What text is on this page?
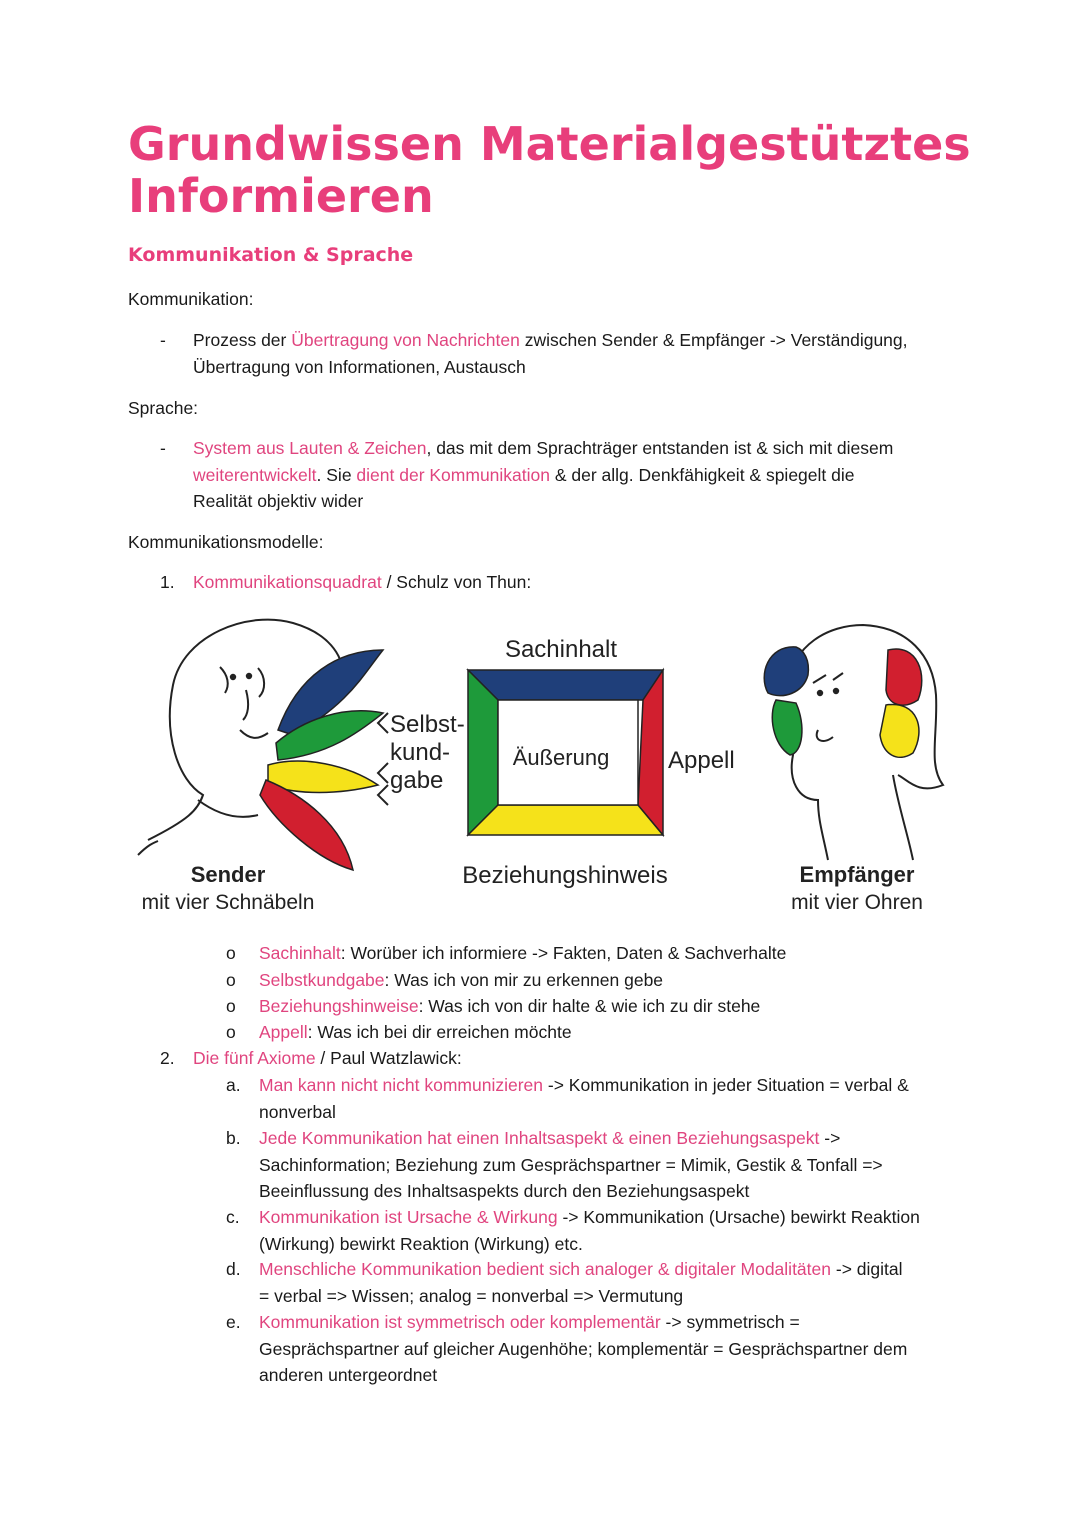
Grundwissen Materialgestütztes Informieren
Kommunikation & Sprache
Kommunikation:
- Prozess der Übertragung von Nachrichten zwischen Sender & Empfänger -> Verständigung,
Übertragung von Informationen, Austausch
Sprache:
- System aus Lauten & Zeichen, das mit dem Sprachträger entstanden ist & sich mit diesem
weiterentwickelt. Sie dient der Kommunikation & der allg. Denkfähigkeit & spiegelt die
Realität objektiv wider
Kommunikationsmodelle:
1. Kommunikationsquadrat / Schulz von Thun:
Sachinhalt
Selbst-
kund-
gabe
Äußerung Appell
Beziehungshinweis
Sender
mit vier Schnäbeln
Empfänger
mit vier Ohren
o Sachinhalt: Worüber ich informiere -> Fakten, Daten & Sachverhalte
o Selbstkundgabe: Was ich von mir zu erkennen gebe
o Beziehungshinweise: Was ich von dir halte & wie ich zu dir stehe
o Appell: Was ich bei dir erreichen möchte
2. Die fünf Axiome / Paul Watzlawick:
a. Man kann nicht nicht kommunizieren -> Kommunikation in jeder Situation = verbal &
nonverbal
b. Jede Kommunikation hat einen Inhaltsaspekt & einen Beziehungsaspekt ->
Sachinformation; Beziehung zum Gesprächspartner = Mimik, Gestik & Tonfall =>
Beeinflussung des Inhaltsaspekts durch den Beziehungsaspekt
c. Kommunikation ist Ursache & Wirkung -> Kommunikation (Ursache) bewirkt Reaktion
(Wirkung) bewirkt Reaktion (Wirkung) etc.
d. Menschliche Kommunikation bedient sich analoger & digitaler Modalitäten -> digital
= verbal => Wissen; analog = nonverbal => Vermutung
e. Kommunikation ist symmetrisch oder komplementär -> symmetrisch =
Gesprächspartner auf gleicher Augenhöhe; komplementär = Gesprächspartner dem
anderen untergeordnet
